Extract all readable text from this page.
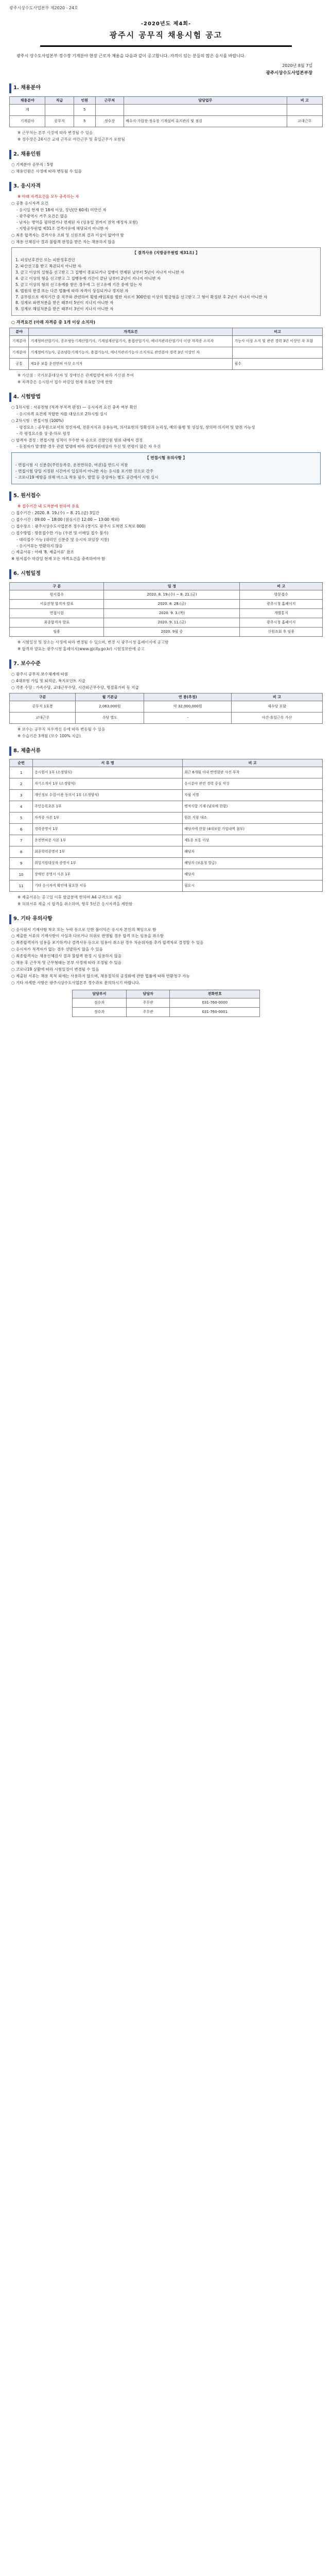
광주시상수도사업본부 제2020 - 24호
-2020년도 제4회-
광주시 공무직 채용시험 공고

광주시 상수도사업본부 정수장 기계분야 현장 근로자 채용을 다음과 같이 공고합니다. 자격이 있는 분들의 많은 응시를 바랍니다.

2020년 8월 7일
광주시상수도사업본부장
1. 채용분야
채용분야	직급	인원	근무처	담당업무	비 고
계		5			
기계분야	공무직	5	정수장	배수지·가압장·정수장 기계설비 유지관리 및 점검	교대근무

※ 근무처는 본부 사정에 따라 변경될 수 있음

※ 정수장은 24시간 교대 근무로 야간근무 및 휴일근무가 포함됨

2. 채용인원

○ 기계분야 공무직 : 5명

○ 채용인원은 사정에 따라 변동될 수 있음

3. 응시자격

※ 아래 자격요건을 모두 충족하는 자

○ 공통 응시자격 요건

- 응시일 현재 만 18세 이상, 정년(만 60세) 미만인 자

- 광주광역시 거주 요건은 없음

- 남자는 병역을 필하였거나 면제된 자 (임용일 전까지 전역 예정자 포함)

- 지방공무원법 제31조 결격사유에 해당되지 아니한 자

○ 최종 합격자는 결격사유 조회 및 신원조회 결과 이상이 없어야 함

○ 채용 신체검사 결과 불합격 판정을 받은 자는 채용하지 않음

【 결격사유 (지방공무원법 제31조) 】

1. 피성년후견인 또는 피한정후견인

2. 파산선고를 받고 복권되지 아니한 자

3. 금고 이상의 실형을 선고받고 그 집행이 종료되거나 집행이 면제된 날부터 5년이 지나지 아니한 자

4. 금고 이상의 형을 선고받고 그 집행유예 기간이 끝난 날부터 2년이 지나지 아니한 자

5. 금고 이상의 형의 선고유예를 받은 경우에 그 선고유예 기간 중에 있는 자

6. 법원의 판결 또는 다른 법률에 따라 자격이 상실되거나 정지된 자

7. 공무원으로 재직기간 중 직무와 관련하여 횡령·배임죄를 범한 자로서 300만원 이상의 벌금형을 선고받고 그 형이 확정된 후 2년이 지나지 아니한 자

8. 징계로 파면처분을 받은 때부터 5년이 지나지 아니한 자

9. 징계로 해임처분을 받은 때부터 3년이 지나지 아니한 자

○ 자격요건 (아래 자격증 중 1개 이상 소지자)
분야	자격요건	비고
기계분야	기계정비산업기사, 공조냉동기계산업기사, 기계설계산업기사, 용접산업기사, 에너지관리산업기사 이상 자격증 소지자	기능사 이상 소지 및 관련 경력 3년 이상인 자 포함
기계분야	기계정비기능사, 공조냉동기계기능사, 용접기능사, 에너지관리기능사 소지자로 관련분야 경력 3년 이상인 자	
공통	제1종 보통 운전면허 이상 소지자	필수

※ 가산점 : 국가보훈대상자 및 장애인은 관계법령에 따라 가산점 부여

※ 자격증은 응시원서 접수 마감일 현재 유효한 것에 한함

4. 시험방법

○ 1차시험 : 서류전형 (적격·부적격 판정) — 응시자격 요건 충족 여부 확인

- 응시자격 요건에 적합한 자를 대상으로 2차시험 실시

○ 2차시험 : 면접시험 (100%)

- 평정요소 : 공무원으로서의 정신자세, 전문지식과 응용능력, 의사표현의 정확성과 논리성, 예의·품행 및 성실성, 창의력·의지력 및 발전 가능성

- 각 평정요소를 상·중·하로 평정

○ 합격자 결정 : 면접시험 성적이 우수한 자 순으로 선발인원 범위 내에서 결정

- 동점자가 발생한 경우 관련 법령에 따라 취업지원대상자 우선 및 연령이 많은 자 우선

【 면접시험 유의사항 】

- 면접시험 시 신분증(주민등록증, 운전면허증, 여권)을 반드시 지참

- 면접시험 당일 지정된 시간까지 입실하지 아니한 자는 응시를 포기한 것으로 간주

- 코로나19 예방을 위해 마스크 착용 필수, 발열 등 증상자는 별도 공간에서 시험 실시

5. 원서접수

※ 접수기간 내 도착분에 한하여 유효

○ 접수기간 : 2020. 8. 19.(수) ~ 8. 21.(금) 3일간

○ 접수시간 : 09:00 ~ 18:00 (점심시간 12:00 ~ 13:00 제외)

○ 접수장소 : 광주시상수도사업본부 정수과 (경기도 광주시 도척면 도척로 000)

○ 접수방법 : 방문접수만 가능 (우편 및 이메일 접수 불가)

- 대리접수 가능 (대리인 신분증 및 응시자 위임장 지참)

- 응시서류는 반환하지 않음

○ 제출서류 : 아래 '8. 제출서류' 참조

※ 원서접수 마감일 현재 모든 자격요건을 충족하여야 함

6. 시험일정
구 분	일 정	비 고
원서접수	2020. 8. 19.(수) ~ 8. 21.(금)	방문접수
서류전형 합격자 발표	2020. 8. 28.(금)	광주시청 홈페이지
면접시험	2020. 9. 3.(목)	개별통지
최종합격자 발표	2020. 9. 11.(금)	광주시청 홈페이지
임용	2020. 9월 중	신원조회 후 임용

※ 시험일정 및 장소는 사정에 따라 변경될 수 있으며, 변경 시 광주시청 홈페이지에 공고함

※ 합격자 발표는 광주시청 홈페이지(www.gjcity.go.kr) 시험정보란에 공고

7. 보수수준

○ 광주시 공무직 보수체계에 따름

○ 4대보험 가입 및 퇴직금, 복지포인트 지급

○ 각종 수당 : 가족수당, 교대근무수당, 시간외근무수당, 명절휴가비 등 지급

구분	월 기본급	연 봉(추정)	비 고
공무직 1호봉	2,063,000원	약 32,000,000원	제수당 포함
교대근무	수당 별도	-	야간·휴일근무 가산

※ 보수는 공무직 처우개선 등에 따라 변동될 수 있음

※ 수습기간 3개월 (보수 100% 지급)

8. 제출서류
순번	서 류 명	비 고
1	응시원서 1부 (소정양식)	최근 6개월 이내 반명함판 사진 부착
2	자기소개서 1부 (소정양식)	응시분야 관련 경력 중심 작성
3	개인정보 수집·이용 동의서 1부 (소정양식)	자필 서명
4	주민등록초본 1부	병적사항 기재 (남자에 한함)
5	자격증 사본 1부	원본 지참 대조
6	경력증명서 1부	해당자에 한함 (4대보험 가입내역 첨부)
7	운전면허증 사본 1부	제1종 보통 이상
8	최종학력증명서 1부	해당자
9	취업지원대상자 증명서 1부	해당자 (보훈청 발급)
10	장애인 증명서 사본 1부	해당자
11	기타 응시자격 확인에 필요한 서류	필요시

※ 제출서류는 공고일 이후 발급분에 한하며 A4 규격으로 제출

※ 허위서류 제출 시 합격을 취소하며, 향후 5년간 응시자격을 제한함

9. 기타 유의사항

○ 응시원서 기재사항 착오 또는 누락 등으로 인한 불이익은 응시자 본인의 책임으로 함

○ 제출한 서류의 기재사항이 사실과 다르거나 허위로 판명될 경우 합격 또는 임용을 취소함

○ 최종합격자가 임용을 포기하거나 결격사유 등으로 임용이 취소된 경우 차순위자를 추가 합격자로 결정할 수 있음

○ 응시자가 적격자가 없는 경우 선발하지 않을 수 있음

○ 최종합격자는 채용신체검사 결과 불합격 판정 시 임용하지 않음

○ 채용 후 근무처 및 근무형태는 본부 사정에 따라 조정될 수 있음

○ 코로나19 상황에 따라 시험일정이 변경될 수 있음

○ 제출된 서류는 채용 목적 외에는 사용하지 않으며, 채용절차의 공정화에 관한 법률에 따라 반환청구 가능

○ 기타 자세한 사항은 광주시상수도사업본부 정수과로 문의하시기 바랍니다.

담당부서	담당자	전화번호
정수과	주무관	031-760-0000
정수과	주무관	031-760-0001
